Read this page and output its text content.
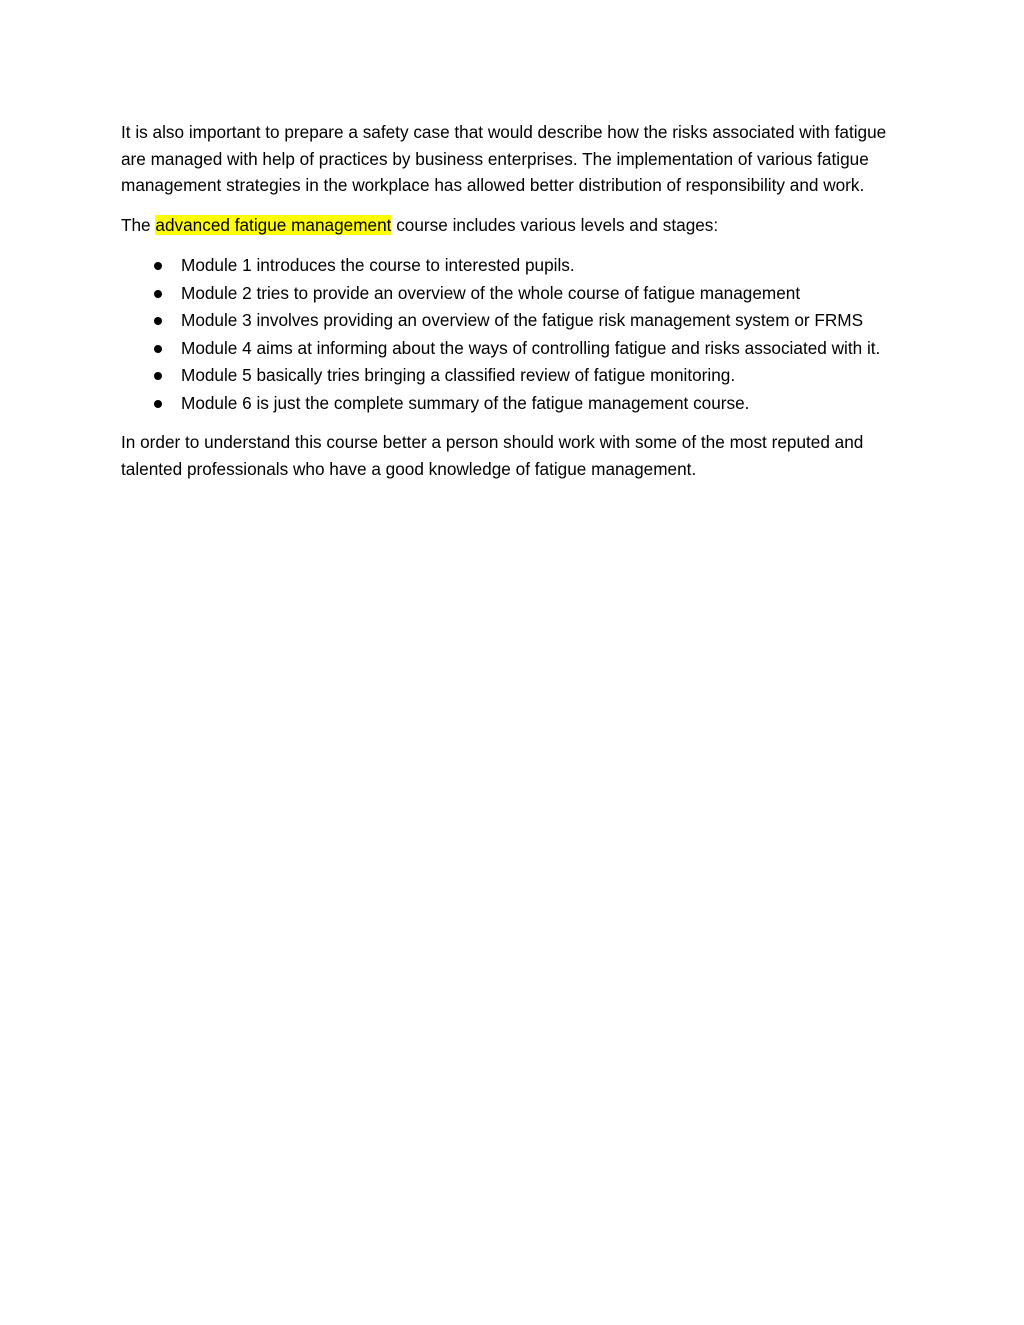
It is also important to prepare a safety case that would describe how the risks associated with fatigue are managed with help of practices by business enterprises. The implementation of various fatigue management strategies in the workplace has allowed better distribution of responsibility and work.

The advanced fatigue management course includes various levels and stages:

Module 1 introduces the course to interested pupils.
Module 2 tries to provide an overview of the whole course of fatigue management
Module 3 involves providing an overview of the fatigue risk management system or FRMS
Module 4 aims at informing about the ways of controlling fatigue and risks associated with it.
Module 5 basically tries bringing a classified review of fatigue monitoring.
Module 6 is just the complete summary of the fatigue management course.

In order to understand this course better a person should work with some of the most reputed and talented professionals who have a good knowledge of fatigue management.
